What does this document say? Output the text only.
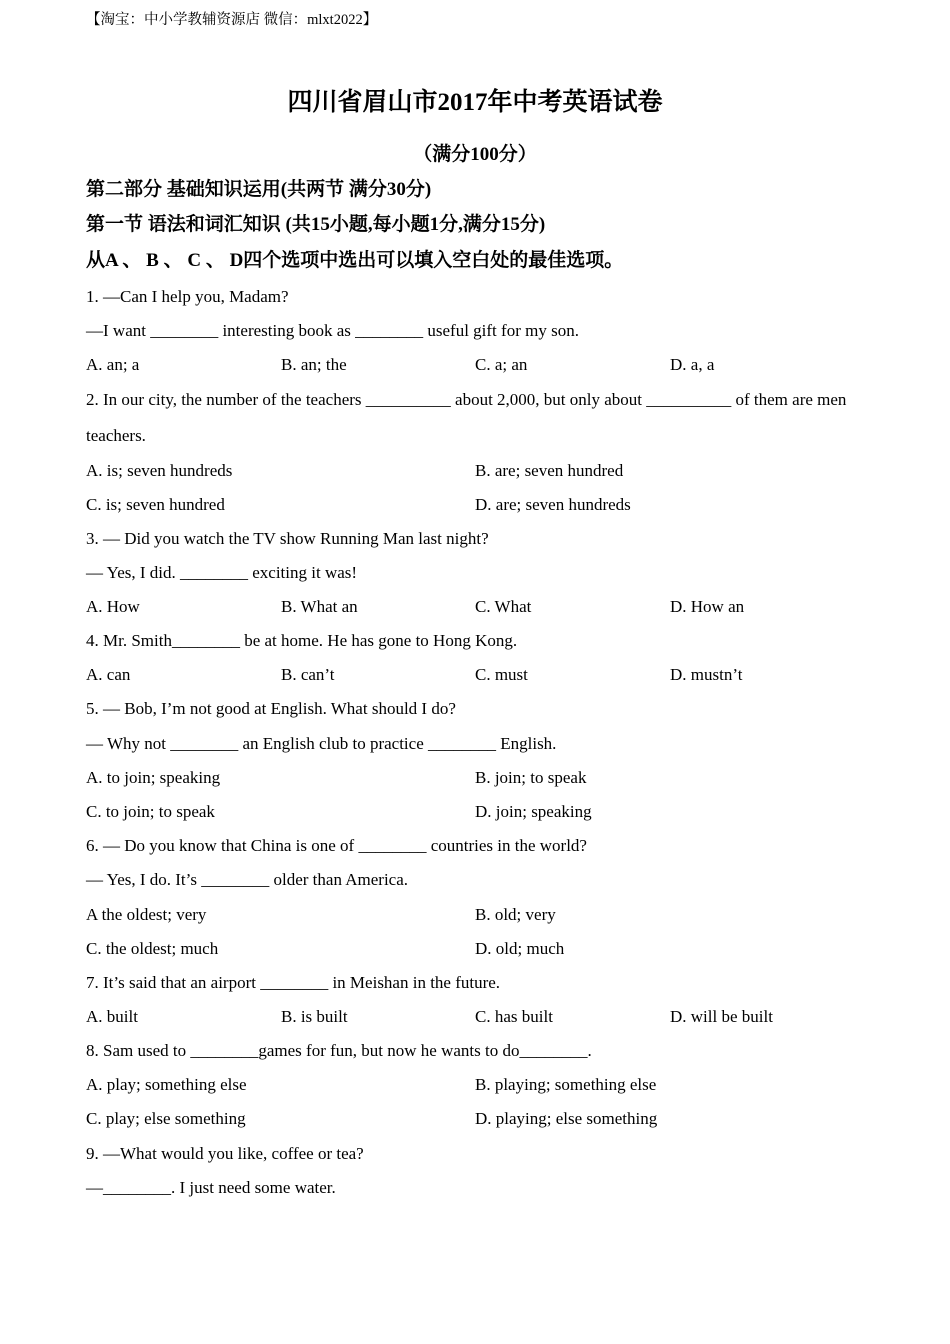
【淘宝：中小学教辅资源店 微信：mlxt2022】
四川省眉山市2017年中考英语试卷
（满分100分）
第二部分 基础知识运用(共两节 满分30分)
第一节 语法和词汇知识 (共15小题,每小题1分,满分15分)
从A 、 B 、 C 、 D四个选项中选出可以填入空白处的最佳选项。
1. —Can I help you, Madam?
—I want ________ interesting book as ________ useful gift for my son.
A. an; a	B. an; the	C. a; an	D. a, a
2. In our city, the number of the teachers __________ about 2,000, but only about __________ of them are men
teachers.
A. is; seven hundreds	B. are; seven hundred
C. is; seven hundred	D. are; seven hundreds
3. — Did you watch the TV show Running Man last night?
— Yes, I did. ________ exciting it was!
A. How	B. What an	C. What	D. How an
4. Mr. Smith________ be at home. He has gone to Hong Kong.
A. can	B. can’t	C. must	D. mustn’t
5. — Bob, I’m not good at English. What should I do?
— Why not ________ an English club to practice ________ English.
A. to join; speaking	B. join; to speak
C. to join; to speak	D. join; speaking
6. — Do you know that China is one of ________ countries in the world?
— Yes, I do. It’s ________ older than America.
A the oldest; very	B. old; very
C. the oldest; much	D. old; much
7. It’s said that an airport ________ in Meishan in the future.
A. built	B. is built	C. has built	D. will be built
8. Sam used to ________games for fun, but now he wants to do________.
A. play; something else	B. playing; something else
C. play; else something	D. playing; else something
9. —What would you like, coffee or tea?
—________. I just need some water.
